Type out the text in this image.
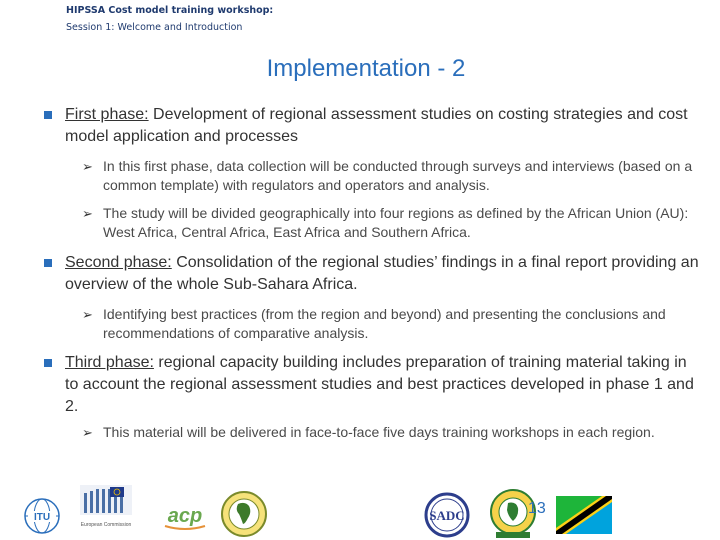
HIPSSA Cost model training workshop:
Session 1: Welcome and Introduction
Implementation - 2
First phase: Development of regional assessment studies on costing strategies and cost model application and processes
➢ In this first phase, data collection will be conducted through surveys and interviews (based on a common template) with regulators and operators and analysis.
➢ The study will be divided geographically into four regions as defined by the African Union (AU): West Africa, Central Africa, East Africa and Southern Africa.
Second phase: Consolidation of the regional studies’ findings in a final report providing an overview of the whole Sub-Sahara Africa.
➢ Identifying best practices (from the region and beyond) and presenting the conclusions and recommendations of comparative analysis.
Third phase: regional capacity building includes preparation of training material taking in to account the regional assessment studies and best practices developed in phase 1 and 2.
➢ This material will be delivered in face-to-face five days training workshops in each region.
ITU
European Commission acp	SADC	13
